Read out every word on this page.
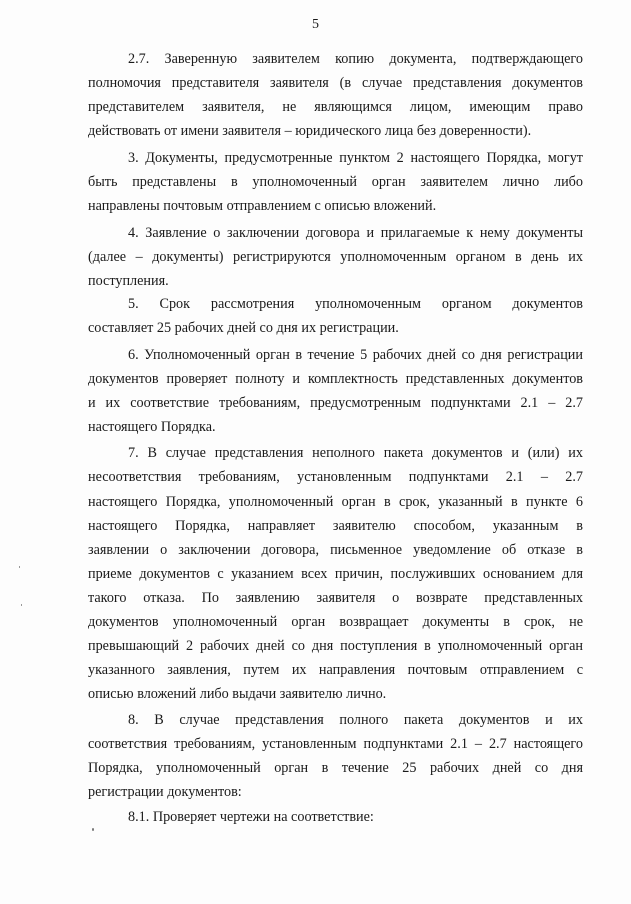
5
2.7. Заверенную заявителем копию документа, подтверждающего
полномочия представителя заявителя (в случае представления документов
представителем заявителя, не являющимся лицом, имеющим право
действовать от имени заявителя – юридического лица без доверенности).
3. Документы, предусмотренные пунктом 2 настоящего Порядка, могут
быть представлены в уполномоченный орган заявителем лично либо
направлены почтовым отправлением с описью вложений.
4. Заявление о заключении договора и прилагаемые к нему документы
(далее – документы) регистрируются уполномоченным органом в день их
поступления.
5. Срок рассмотрения уполномоченным органом документов
составляет 25 рабочих дней со дня их регистрации.
6. Уполномоченный орган в течение 5 рабочих дней со дня регистрации
документов проверяет полноту и комплектность представленных документов
и их соответствие требованиям, предусмотренным подпунктами 2.1 – 2.7
настоящего Порядка.
7. В случае представления неполного пакета документов и (или) их
несоответствия требованиям, установленным подпунктами 2.1 – 2.7
настоящего Порядка, уполномоченный орган в срок, указанный в пункте 6
настоящего Порядка, направляет заявителю способом, указанным в
заявлении о заключении договора, письменное уведомление об отказе в
приеме документов с указанием всех причин, послуживших основанием для
такого отказа. По заявлению заявителя о возврате представленных
документов уполномоченный орган возвращает документы в срок, не
превышающий 2 рабочих дней со дня поступления в уполномоченный орган
указанного заявления, путем их направления почтовым отправлением с
описью вложений либо выдачи заявителю лично.
8. В случае представления полного пакета документов и их
соответствия требованиям, установленным подпунктами 2.1 – 2.7 настоящего
Порядка, уполномоченный орган в течение 25 рабочих дней со дня
регистрации документов:
8.1. Проверяет чертежи на соответствие:
